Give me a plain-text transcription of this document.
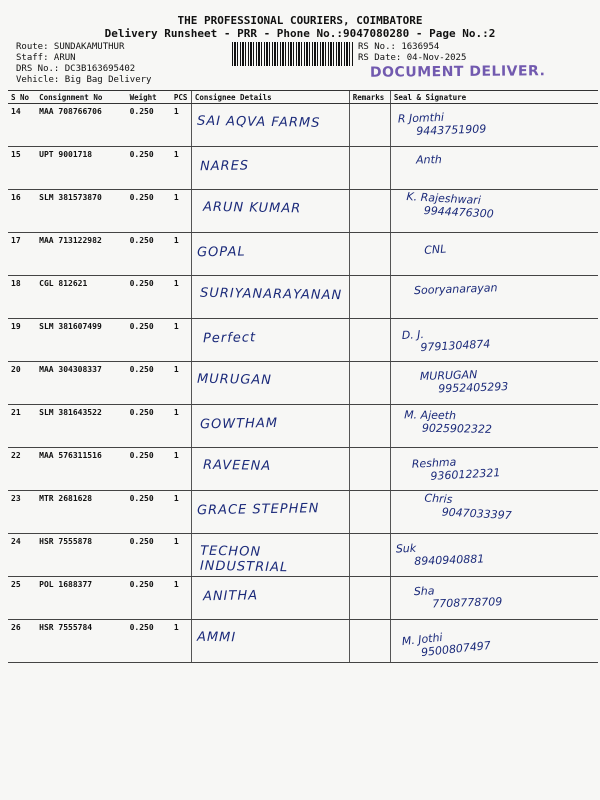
THE PROFESSIONAL COURIERS, COIMBATORE
Delivery Runsheet - PRR - Phone No.:9047080280 - Page No.:2
Route: SUNDAKAMUTHUR
Staff: ARUN
DRS No.: DC3B163695402
Vehicle: Big Bag Delivery
RS No.: 1636954
RS Date: 04-Nov-2025
DOCUMENT DELIVER.
S No	Consignment No	Weight	PCS	Consignee Details	Remarks	Seal & Signature
14	MAA 708766706	0.250	1	SAI AQVA FARMS		R Jomthi
9443751909

15	UPT 9001718	0.250	1	NARES		Anth

16	SLM 381573870	0.250	1	ARUN KUMAR		K. Rajeshwari
9944476300

17	MAA 713122982	0.250	1	GOPAL		CNL

18	CGL 812621	0.250	1	SURIYANARAYANAN		Sooryanarayan

19	SLM 381607499	0.250	1	Perfect		D. J.
9791304874

20	MAA 304308337	0.250	1	MURUGAN		MURUGAN
9952405293

21	SLM 381643522	0.250	1	GOWTHAM		M. Ajeeth
9025902322

22	MAA 576311516	0.250	1	RAVEENA		Reshma
9360122321

23	MTR 2681628	0.250	1	GRACE STEPHEN		Chris
9047033397

24	HSR 7555878	0.250	1	TECHON INDUSTRIAL		Suk
8940940881

25	POL 1688377	0.250	1	ANITHA		Sha
7708778709

26	HSR 7555784	0.250	1	AMMI		M. Jothi
9500807497
